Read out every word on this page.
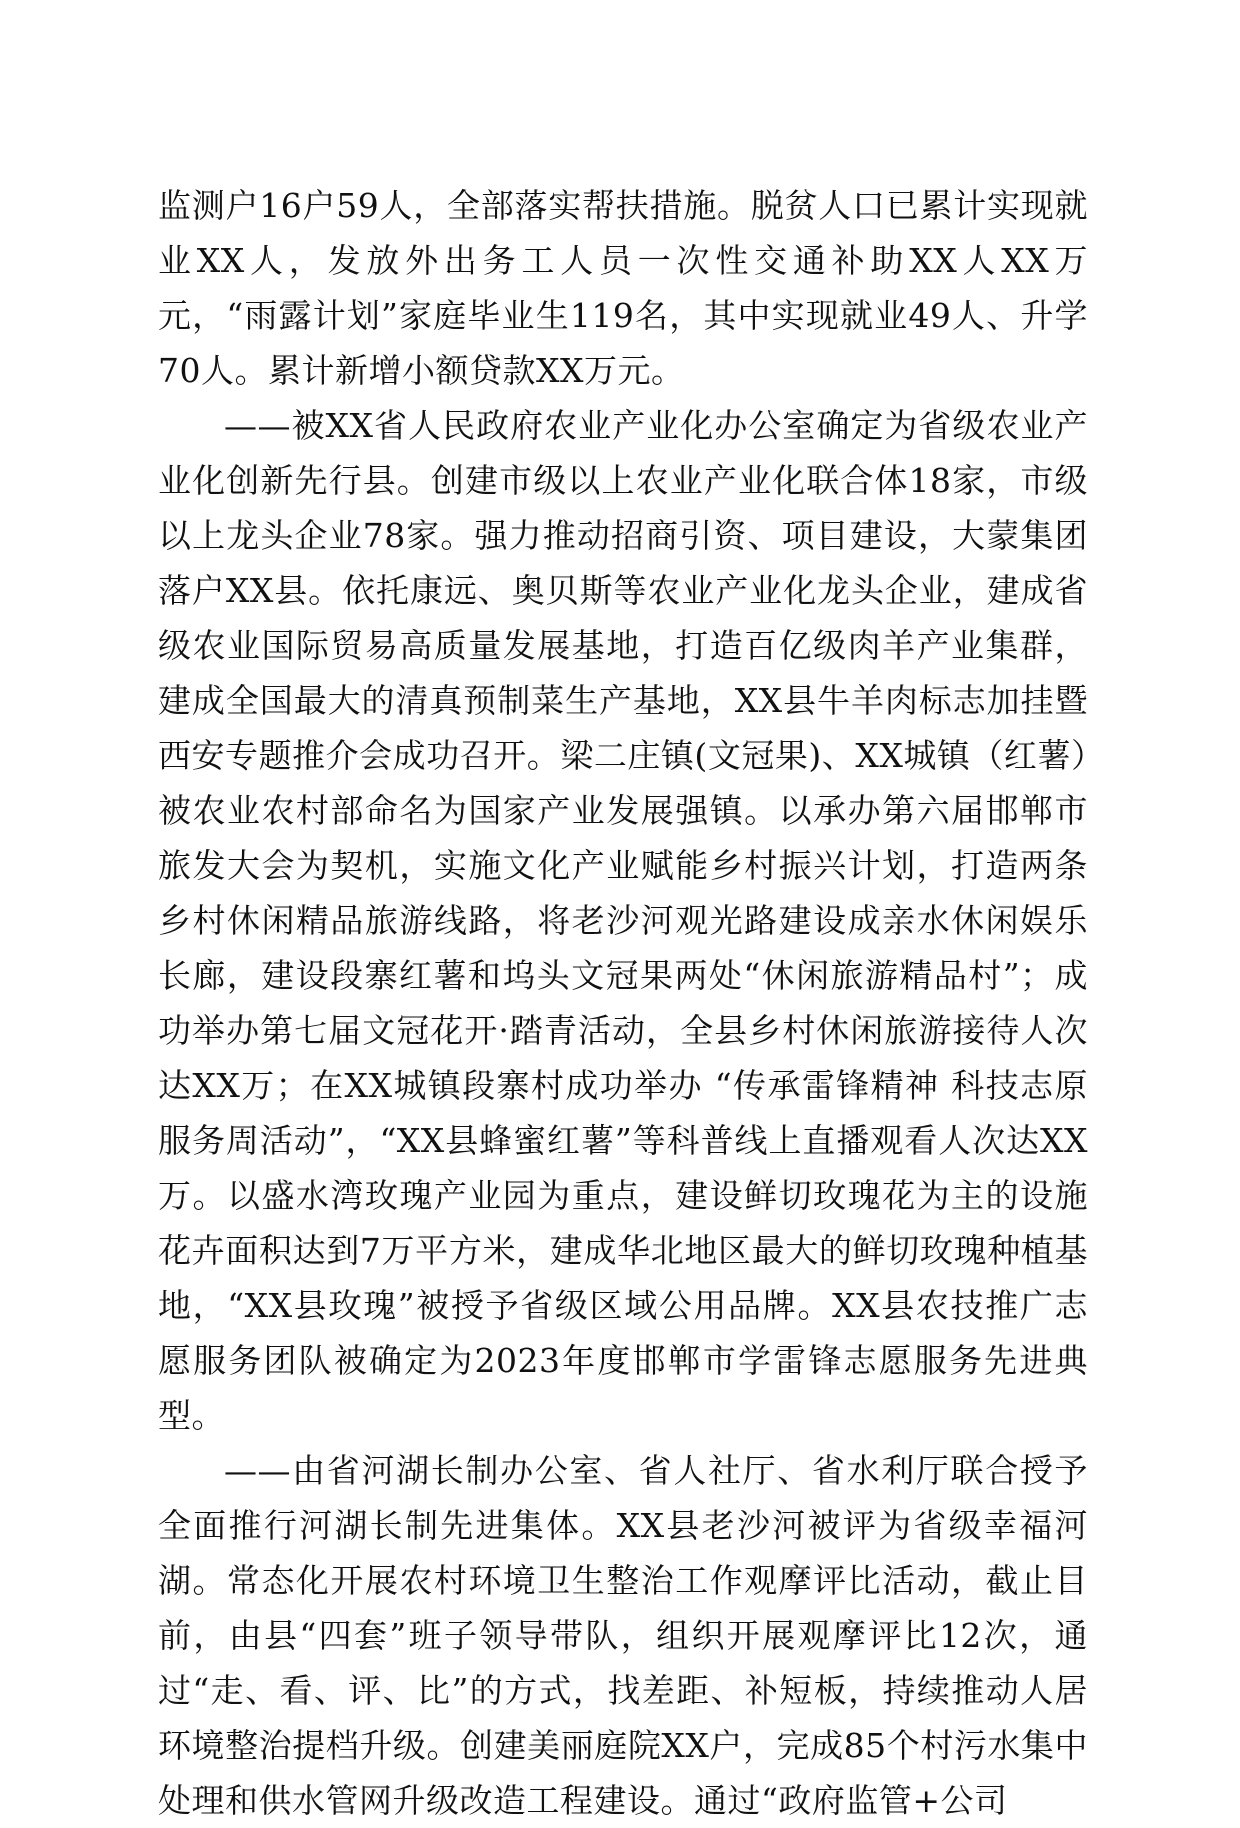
监测户16户59人，全部落实帮扶措施。脱贫人口已累计实现就业XX人，发放外出务工人员一次性交通补助XX人XX万元，“雨露计划”家庭毕业生119名，其中实现就业49人、升学70人。累计新增小额贷款XX万元。

——被XX省人民政府农业产业化办公室确定为省级农业产业化创新先行县。创建市级以上农业产业化联合体18家，市级以上龙头企业78家。强力推动招商引资、项目建设，大蒙集团落户XX县。依托康远、奥贝斯等农业产业化龙头企业，建成省级农业国际贸易高质量发展基地，打造百亿级肉羊产业集群，建成全国最大的清真预制菜生产基地，XX县牛羊肉标志加挂暨西安专题推介会成功召开。梁二庄镇(文冠果)、XX城镇（红薯）被农业农村部命名为国家产业发展强镇。以承办第六届邯郸市旅发大会为契机，实施文化产业赋能乡村振兴计划，打造两条乡村休闲精品旅游线路，将老沙河观光路建设成亲水休闲娱乐长廊，建设段寨红薯和坞头文冠果两处“休闲旅游精品村”；成功举办第七届文冠花开·踏青活动，全县乡村休闲旅游接待人次达XX万；在XX城镇段寨村成功举办 “传承雷锋精神 科技志原服务周活动”，“XX县蜂蜜红薯”等科普线上直播观看人次达XX万。以盛水湾玫瑰产业园为重点，建设鲜切玫瑰花为主的设施花卉面积达到7万平方米，建成华北地区最大的鲜切玫瑰种植基地，“XX县玫瑰”被授予省级区域公用品牌。XX县农技推广志愿服务团队被确定为2023年度邯郸市学雷锋志愿服务先进典型。

——由省河湖长制办公室、省人社厅、省水利厅联合授予全面推行河湖长制先进集体。XX县老沙河被评为省级幸福河湖。常态化开展农村环境卫生整治工作观摩评比活动，截止目前，由县“四套”班子领导带队，组织开展观摩评比12次，通过“走、看、评、比”的方式，找差距、补短板，持续推动人居环境整治提档升级。创建美丽庭院XX户，完成85个村污水集中处理和供水管网升级改造工程建设。通过“政府监管+公司
